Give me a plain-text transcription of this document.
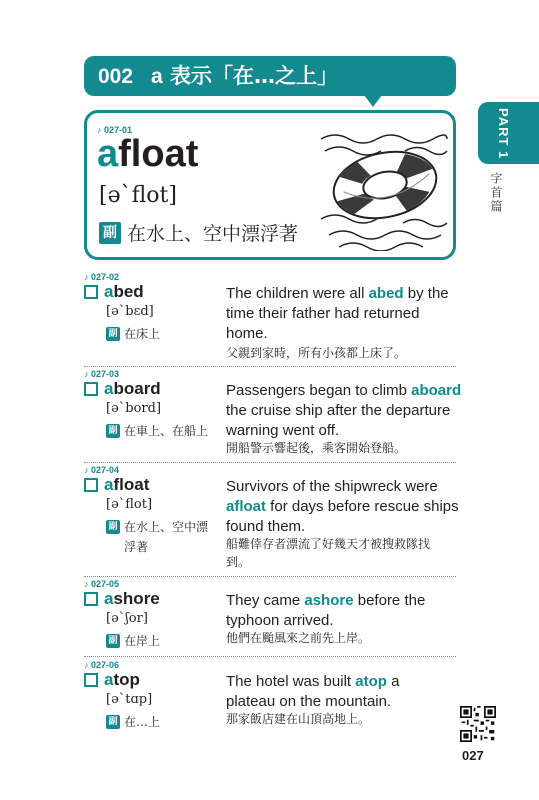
002 a 表示「在…之上」
PART 1
字首篇
♪ 027-01
afloat
[əˋflot]
副 在水上、空中漂浮著
♪ 027-02
abed
[əˋbɛd]
副 在床上
The children were all abed by the time their father had returned home.
父親到家時，所有小孩都上床了。
♪ 027-03
aboard
[əˋbord]
副 在車上、在船上
Passengers began to climb aboard the cruise ship after the departure warning went off.
開船警示響起後，乘客開始登船。
♪ 027-04
afloat
[əˋflot]
副 在水上、空中漂浮著
Survivors of the shipwreck were afloat for days before rescue ships found them.
船難倖存者漂流了好幾天才被搜救隊找到。
♪ 027-05
ashore
[əˋʃor]
副 在岸上
They came ashore before the typhoon arrived.
他們在颱風來之前先上岸。
♪ 027-06
atop
[əˋtɑp]
副 在…上
The hotel was built atop a plateau on the mountain.
那家飯店建在山頂高地上。
027
